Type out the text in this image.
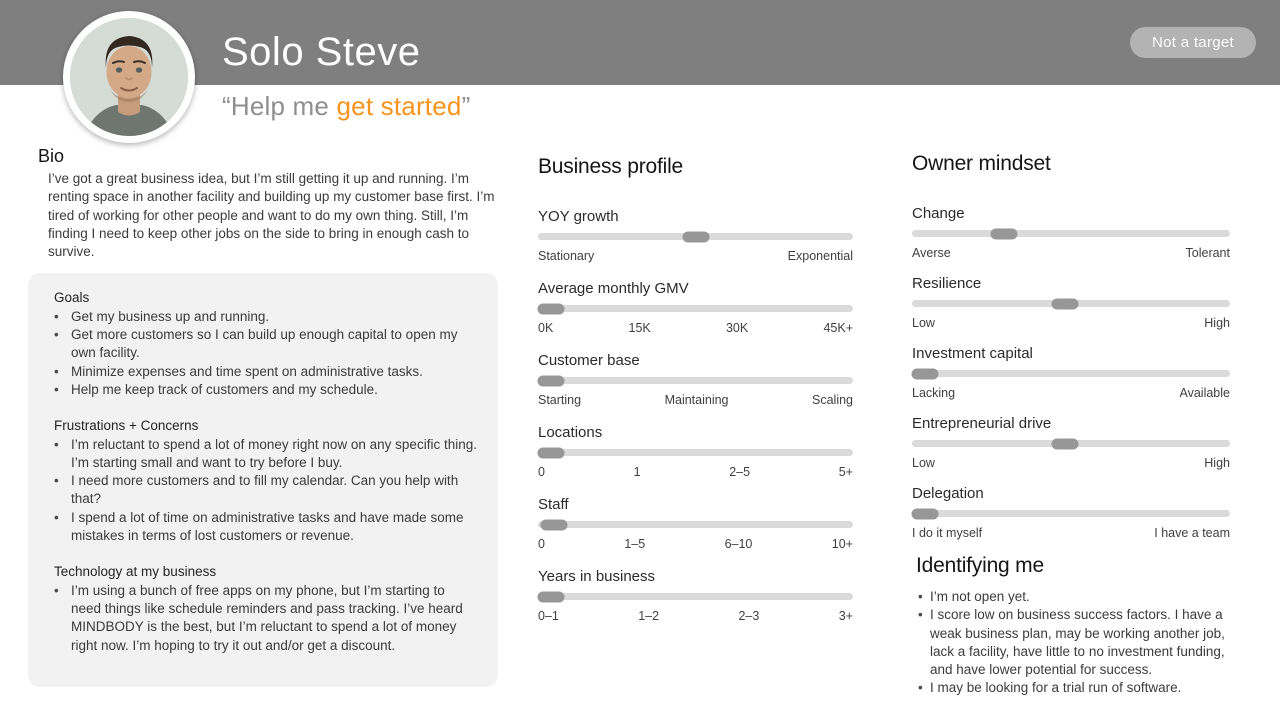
Solo Steve	Not a target
“Help me get started”
Bio

I’ve got a great business idea, but I’m still getting it up and running. I’m renting space in another facility and building up my customer base first. I’m tired of working for other people and want to do my own thing. Still, I’m finding I need to keep other jobs on the side to bring in enough cash to survive.

Goals
• Get my business up and running.
• Get more customers so I can build up enough capital to open my own facility.
• Minimize expenses and time spent on administrative tasks.
• Help me keep track of customers and my schedule.
Frustrations + Concerns
• I’m reluctant to spend a lot of money right now on any specific thing. I’m starting small and want to try before I buy.
• I need more customers and to fill my calendar. Can you help with that?
• I spend a lot of time on administrative tasks and have made some mistakes in terms of lost customers or revenue.
Technology at my business
• I’m using a bunch of free apps on my phone, but I’m starting to need things like schedule reminders and pass tracking. I’ve heard MINDBODY is the best, but I’m reluctant to spend a lot of money right now. I’m hoping to try it out and/or get a discount.
Business profile
YOY growth
Stationary	Exponential
Average monthly GMV
0K	15K	30K	45K+
Customer base
Starting	Maintaining	Scaling
Locations
0	1	2–5	5+
Staff
0	1–5	6–10	10+
Years in business
0–1	1–2	2–3	3+
Owner mindset
Change
Averse	Tolerant
Resilience
Low	High
Investment capital
Lacking	Available
Entrepreneurial drive
Low	High
Delegation
I do it myself	I have a team
Identifying me
• I’m not open yet.
• I score low on business success factors. I have a weak business plan, may be working another job, lack a facility, have little to no investment funding, and have lower potential for success.
• I may be looking for a trial run of software.
